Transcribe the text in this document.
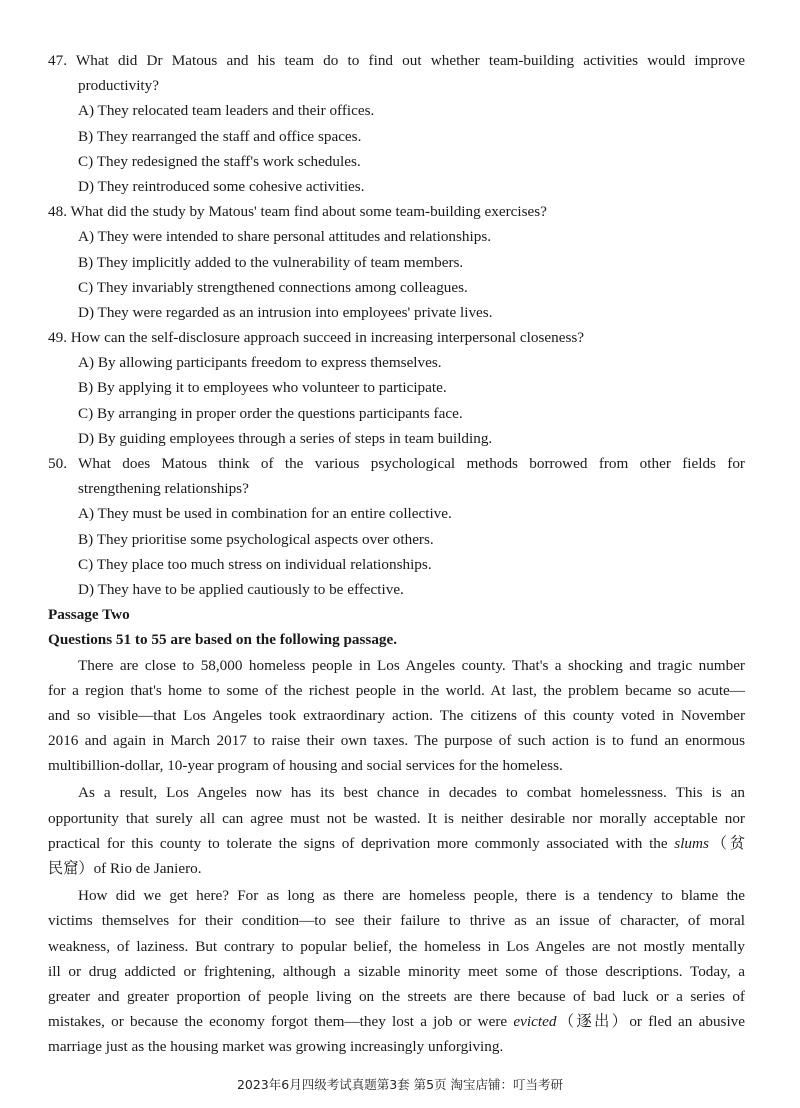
47. What did Dr Matous and his team do to find out whether team-building activities would improve
productivity?
A) They relocated team leaders and their offices.
B) They rearranged the staff and office spaces.
C) They redesigned the staff's work schedules.
D) They reintroduced some cohesive activities.
48. What did the study by Matous' team find about some team-building exercises?
A) They were intended to share personal attitudes and relationships.
B) They implicitly added to the vulnerability of team members.
C) They invariably strengthened connections among colleagues.
D) They were regarded as an intrusion into employees' private lives.
49. How can the self-disclosure approach succeed in increasing interpersonal closeness?
A) By allowing participants freedom to express themselves.
B) By applying it to employees who volunteer to participate.
C) By arranging in proper order the questions participants face.
D) By guiding employees through a series of steps in team building.
50. What does Matous think of the various psychological methods borrowed from other fields for
strengthening relationships?
A) They must be used in combination for an entire collective.
B) They prioritise some psychological aspects over others.
C) They place too much stress on individual relationships.
D) They have to be applied cautiously to be effective.
Passage Two
Questions 51 to 55 are based on the following passage.
There are close to 58,000 homeless people in Los Angeles county. That's a shocking and tragic number
for a region that's home to some of the richest people in the world. At last, the problem became so acute—
and so visible—that Los Angeles took extraordinary action. The citizens of this county voted in November
2016 and again in March 2017 to raise their own taxes. The purpose of such action is to fund an enormous
multibillion-dollar, 10-year program of housing and social services for the homeless.
As a result, Los Angeles now has its best chance in decades to combat homelessness. This is an
opportunity that surely all can agree must not be wasted. It is neither desirable nor morally acceptable nor
practical for this county to tolerate the signs of deprivation more commonly associated with the slums（贫
民窟）of Rio de Janiero.
How did we get here? For as long as there are homeless people, there is a tendency to blame the
victims themselves for their condition—to see their failure to thrive as an issue of character, of moral
weakness, of laziness. But contrary to popular belief, the homeless in Los Angeles are not mostly mentally
ill or drug addicted or frightening, although a sizable minority meet some of those descriptions. Today, a
greater and greater proportion of people living on the streets are there because of bad luck or a series of
mistakes, or because the economy forgot them—they lost a job or were evicted（逐出）or fled an abusive
marriage just as the housing market was growing increasingly unforgiving.
2023年6月四级考试真题第3套 第5页 淘宝店铺：叮当考研
